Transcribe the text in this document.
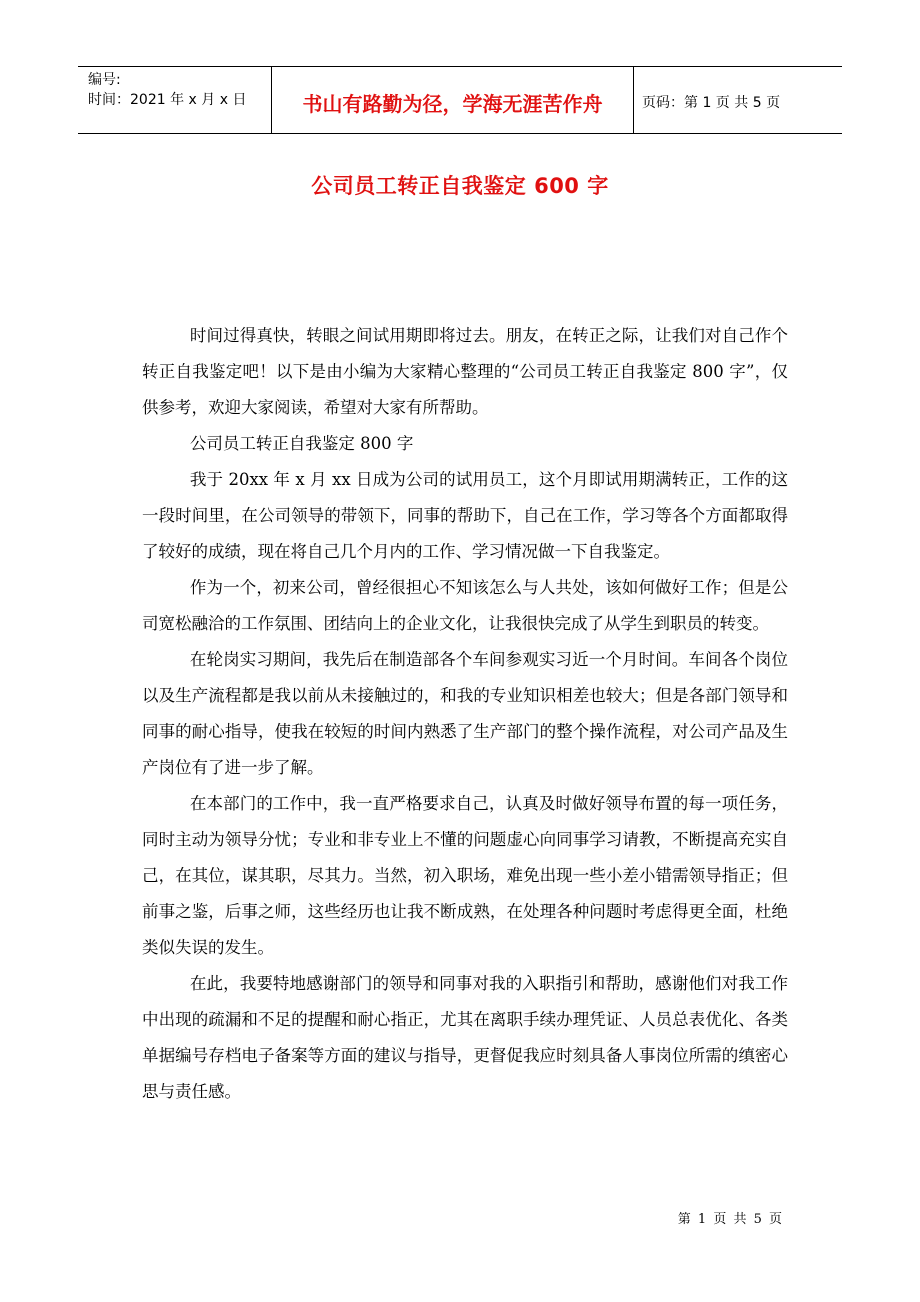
编号:
时间：2021 年 x 月 x 日	书山有路勤为径，学海无涯苦作舟	页码：第 1 页 共 5 页
公司员工转正自我鉴定 600 字

时间过得真快，转眼之间试用期即将过去。朋友，在转正之际，让我们对自己作个转正自我鉴定吧！以下是由小编为大家精心整理的“公司员工转正自我鉴定 800 字”，仅供参考，欢迎大家阅读，希望对大家有所帮助。

公司员工转正自我鉴定 800 字

我于 20xx 年 x 月 xx 日成为公司的试用员工，这个月即试用期满转正，工作的这一段时间里，在公司领导的带领下，同事的帮助下，自己在工作，学习等各个方面都取得了较好的成绩，现在将自己几个月内的工作、学习情况做一下自我鉴定。

作为一个，初来公司，曾经很担心不知该怎么与人共处，该如何做好工作；但是公司宽松融洽的工作氛围、团结向上的企业文化，让我很快完成了从学生到职员的转变。

在轮岗实习期间，我先后在制造部各个车间参观实习近一个月时间。车间各个岗位以及生产流程都是我以前从未接触过的，和我的专业知识相差也较大；但是各部门领导和同事的耐心指导，使我在较短的时间内熟悉了生产部门的整个操作流程，对公司产品及生产岗位有了进一步了解。

在本部门的工作中，我一直严格要求自己，认真及时做好领导布置的每一项任务，同时主动为领导分忧；专业和非专业上不懂的问题虚心向同事学习请教，不断提高充实自己，在其位，谋其职，尽其力。当然，初入职场，难免出现一些小差小错需领导指正；但前事之鉴，后事之师，这些经历也让我不断成熟，在处理各种问题时考虑得更全面，杜绝类似失误的发生。

在此，我要特地感谢部门的领导和同事对我的入职指引和帮助，感谢他们对我工作中出现的疏漏和不足的提醒和耐心指正，尤其在离职手续办理凭证、人员总表优化、各类单据编号存档电子备案等方面的建议与指导，更督促我应时刻具备人事岗位所需的缜密心思与责任感。

第 1 页 共 5 页
